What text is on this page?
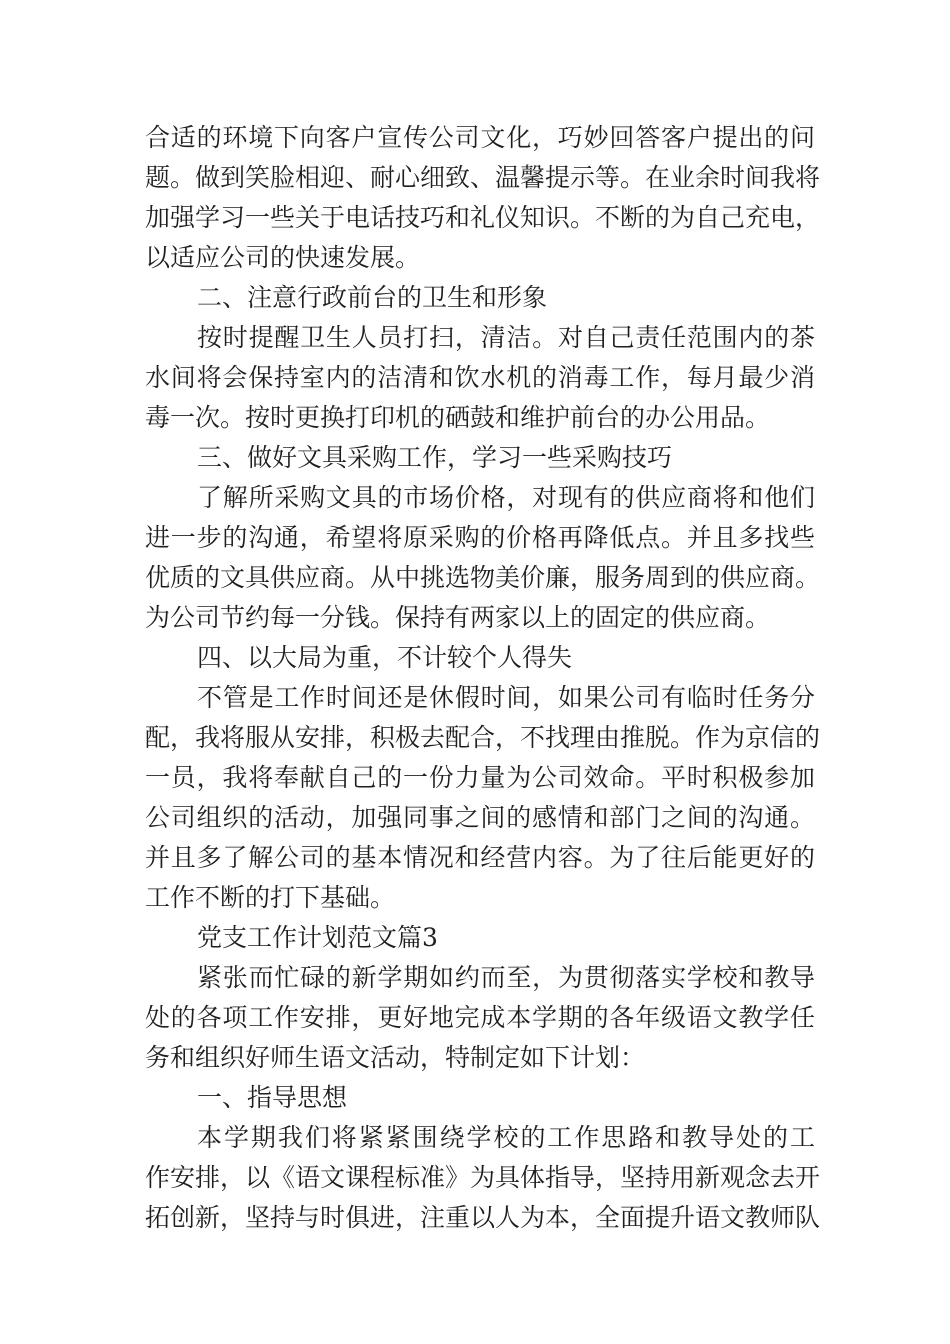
合适的环境下向客户宣传公司文化，巧妙回答客户提出的问
题。做到笑脸相迎、耐心细致、温馨提示等。在业余时间我将
加强学习一些关于电话技巧和礼仪知识。不断的为自己充电，
以适应公司的快速发展。
二、注意行政前台的卫生和形象
按时提醒卫生人员打扫，清洁。对自己责任范围内的茶
水间将会保持室内的洁清和饮水机的消毒工作，每月最少消
毒一次。按时更换打印机的硒鼓和维护前台的办公用品。
三、做好文具采购工作，学习一些采购技巧
了解所采购文具的市场价格，对现有的供应商将和他们
进一步的沟通，希望将原采购的价格再降低点。并且多找些
优质的文具供应商。从中挑选物美价廉，服务周到的供应商。
为公司节约每一分钱。保持有两家以上的固定的供应商。
四、以大局为重，不计较个人得失
不管是工作时间还是休假时间，如果公司有临时任务分
配，我将服从安排，积极去配合，不找理由推脱。作为京信的
一员，我将奉献自己的一份力量为公司效命。平时积极参加
公司组织的活动，加强同事之间的感情和部门之间的沟通。
并且多了解公司的基本情况和经营内容。为了往后能更好的
工作不断的打下基础。
党支工作计划范文篇3
紧张而忙碌的新学期如约而至，为贯彻落实学校和教导
处的各项工作安排，更好地完成本学期的各年级语文教学任
务和组织好师生语文活动，特制定如下计划：
一、指导思想
本学期我们将紧紧围绕学校的工作思路和教导处的工
作安排，以《语文课程标准》为具体指导，坚持用新观念去开
拓创新，坚持与时俱进，注重以人为本，全面提升语文教师队
